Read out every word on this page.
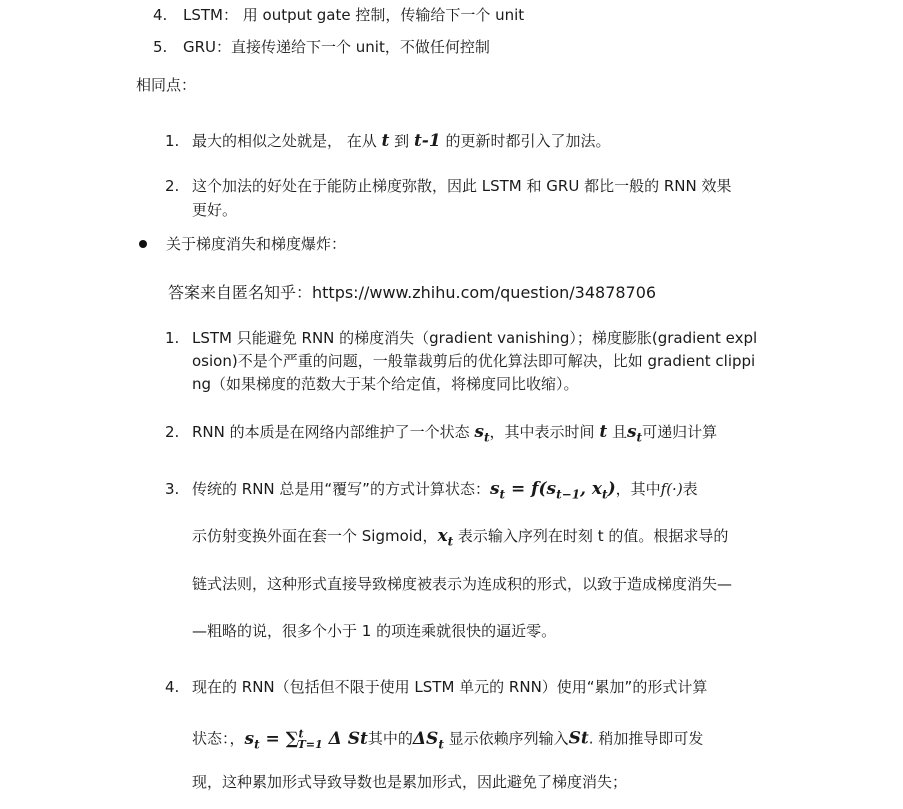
4.	LSTM： 用 output gate 控制，传输给下一个 unit
5.	GRU：直接传递给下一个 unit，不做任何控制
相同点：
1. 最大的相似之处就是， 在从 t 到 t-1 的更新时都引入了加法。
2. 这个加法的好处在于能防止梯度弥散，因此 LSTM 和 GRU 都比一般的 RNN 效果
更好。
关于梯度消失和梯度爆炸：
答案来自匿名知乎：https://www.zhihu.com/question/34878706
1. LSTM 只能避免 RNN 的梯度消失（gradient vanishing）；梯度膨胀(gradient expl
osion)不是个严重的问题，一般靠裁剪后的优化算法即可解决，比如 gradient clippi
ng（如果梯度的范数大于某个给定值，将梯度同比收缩）。
2. RNN 的本质是在网络内部维护了一个状态 $s_t$，其中表示时间 t 且$s_t$可递归计算
3. 传统的 RNN 总是用“覆写”的方式计算状态：$s_t = f(s_{t-1}$, $x_t$)，其中f(·)表
示仿射变换外面在套一个 Sigmoid，$x_t$ 表示输入序列在时刻 t 的值。根据求导的
链式法则，这种形式直接导致梯度被表示为连成积的形式，以致于造成梯度消失—
—粗略的说，很多个小于 1 的项连乘就很快的逼近零。
4. 现在的 RNN（包括但不限于使用 LSTM 单元的 RNN）使用“累加”的形式计算
状态：，$s_t = \sum^t_{T=1}$ Δ St其中的$\Delta S_t$ 显示依赖序列输入St. 稍加推导即可发
现，这种累加形式导致导数也是累加形式，因此避免了梯度消失；
